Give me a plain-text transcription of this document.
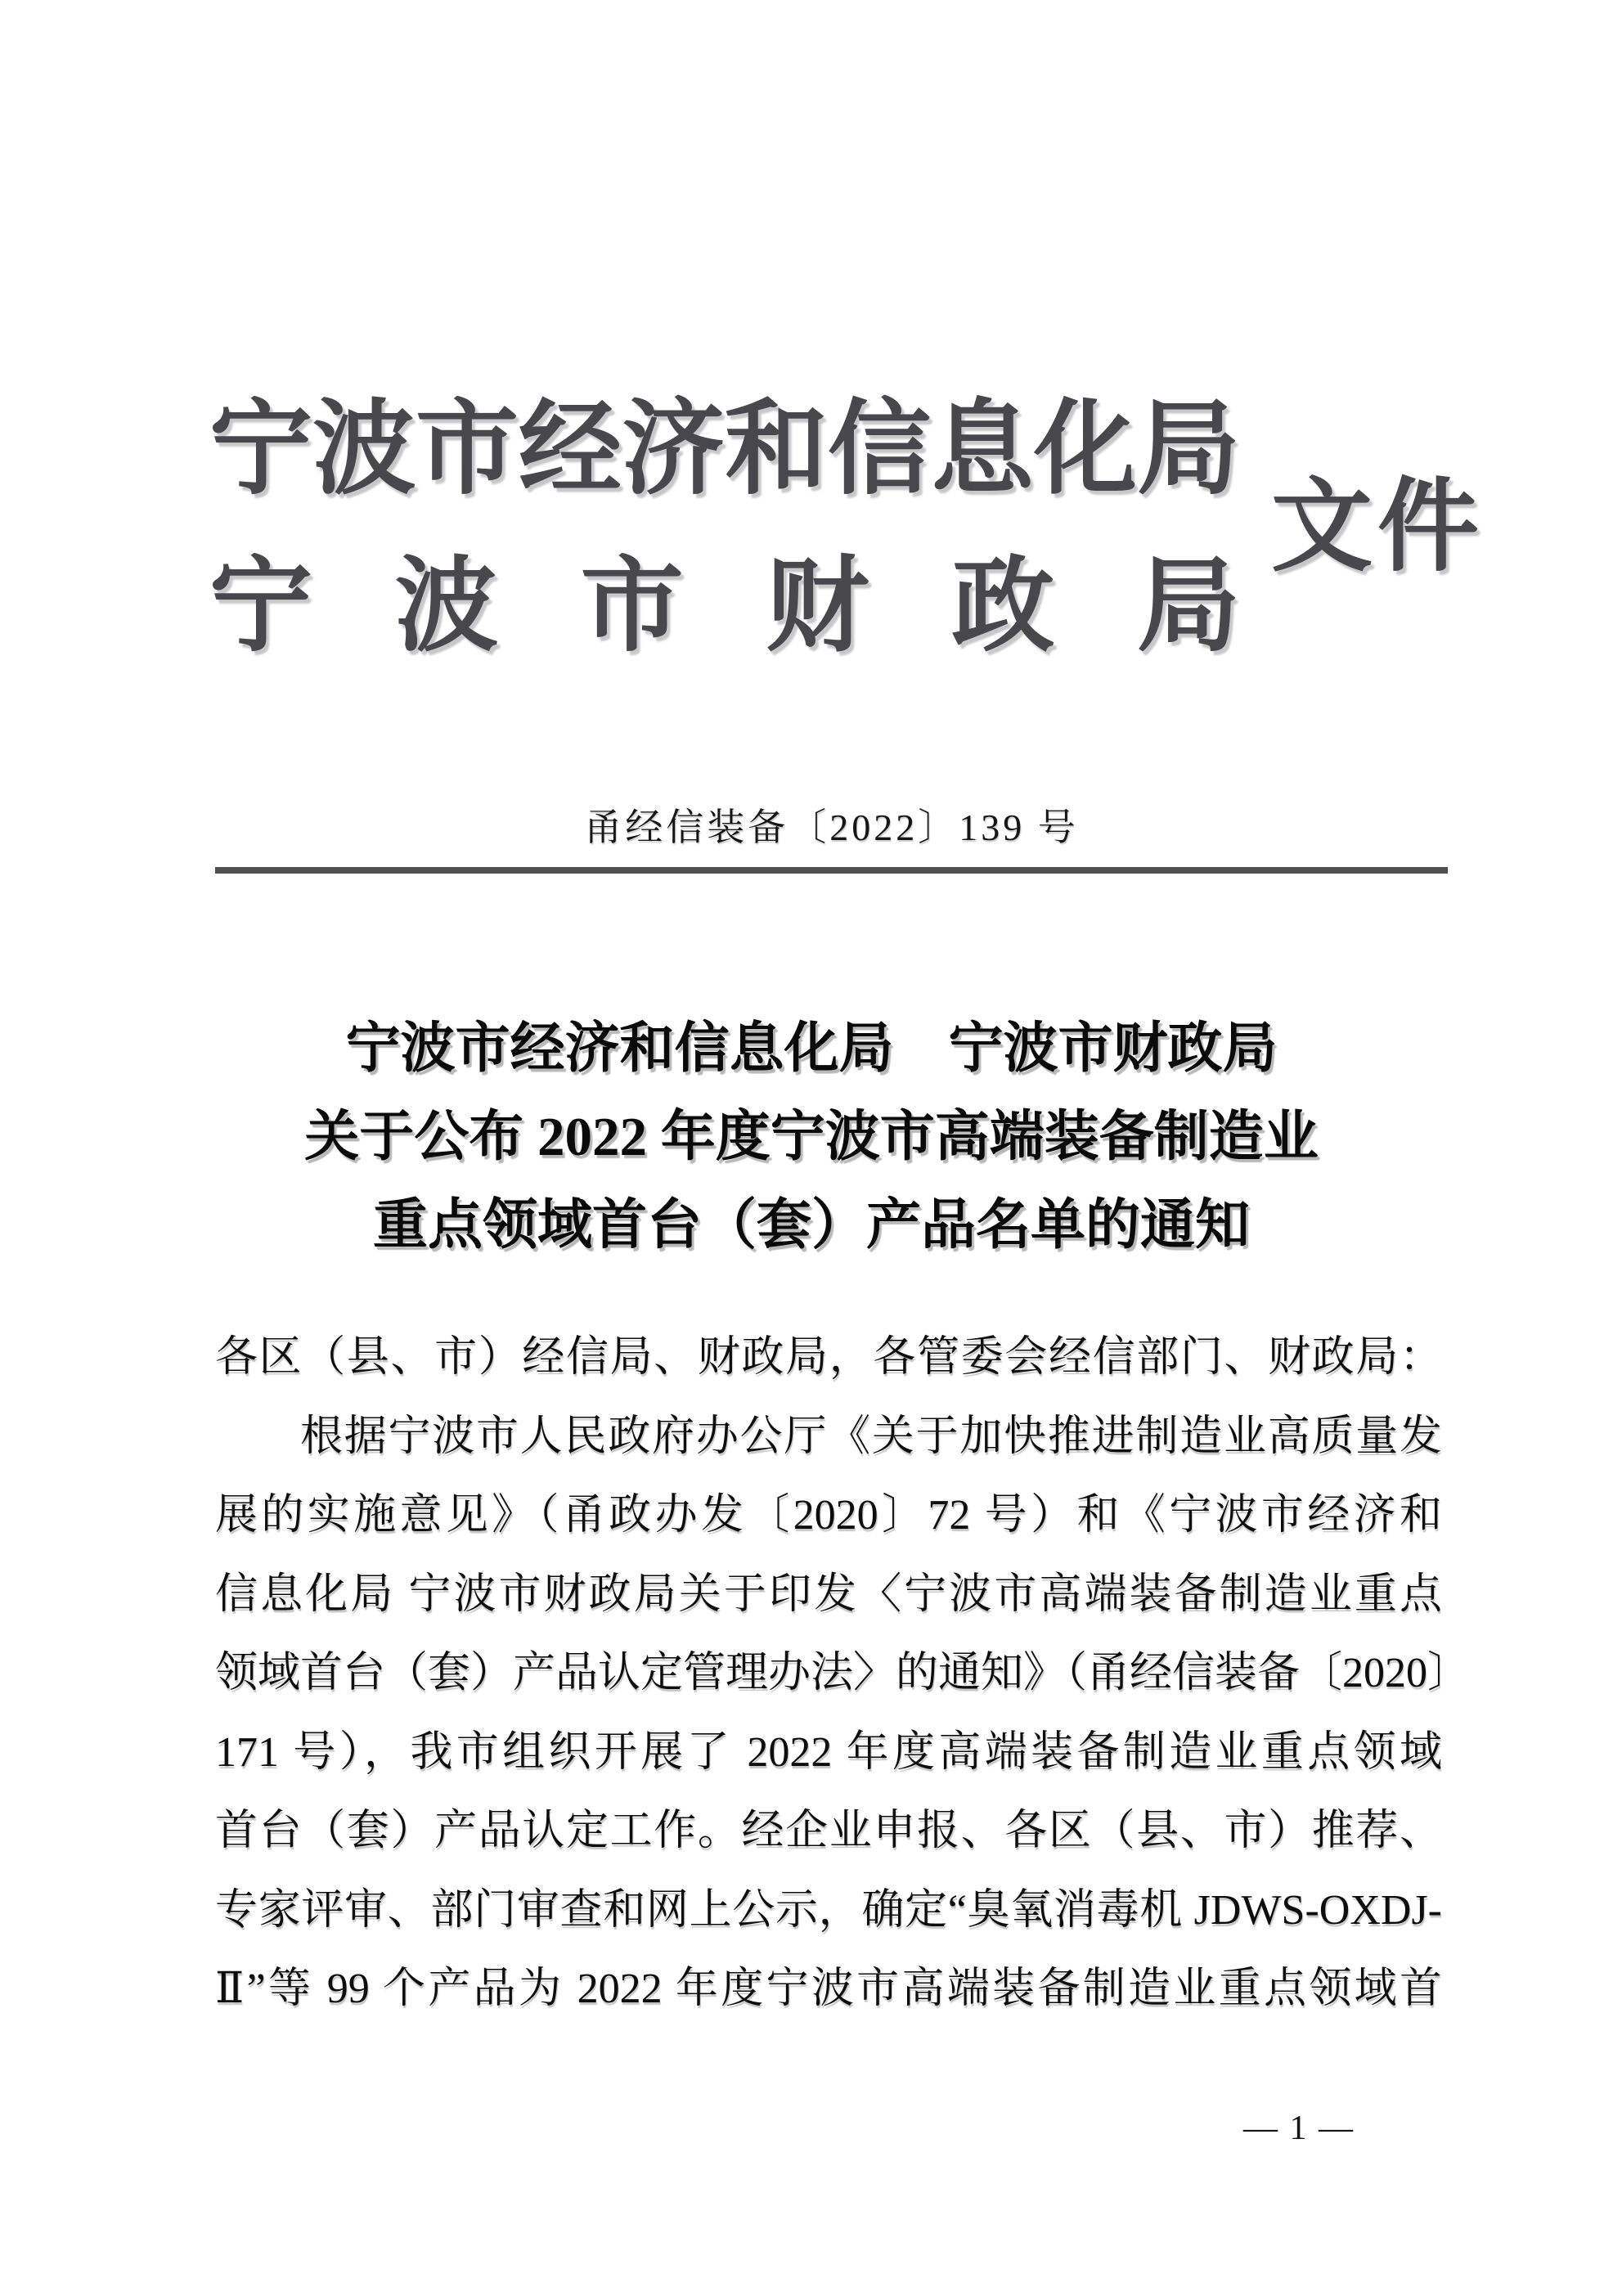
宁波市经济和信息化局
宁波市财政局
文件
甬经信装备〔2022〕139 号
宁波市经济和信息化局　宁波市财政局
关于公布 2022 年度宁波市高端装备制造业
重点领域首台（套）产品名单的通知
各区（县、市）经信局、财政局，各管委会经信部门、财政局：
根据宁波市人民政府办公厅《关于加快推进制造业高质量发
展的实施意见》（甬政办发〔2020〕72 号）和《宁波市经济和
信息化局 宁波市财政局关于印发〈宁波市高端装备制造业重点
领域首台（套）产品认定管理办法〉的通知》（甬经信装备〔2020〕
171 号），我市组织开展了 2022 年度高端装备制造业重点领域
首台（套）产品认定工作。经企业申报、各区（县、市）推荐、
专家评审、部门审查和网上公示，确定“臭氧消毒机 JDWS-OXDJ-
Ⅱ”等 99 个产品为 2022 年度宁波市高端装备制造业重点领域首
— 1 —
